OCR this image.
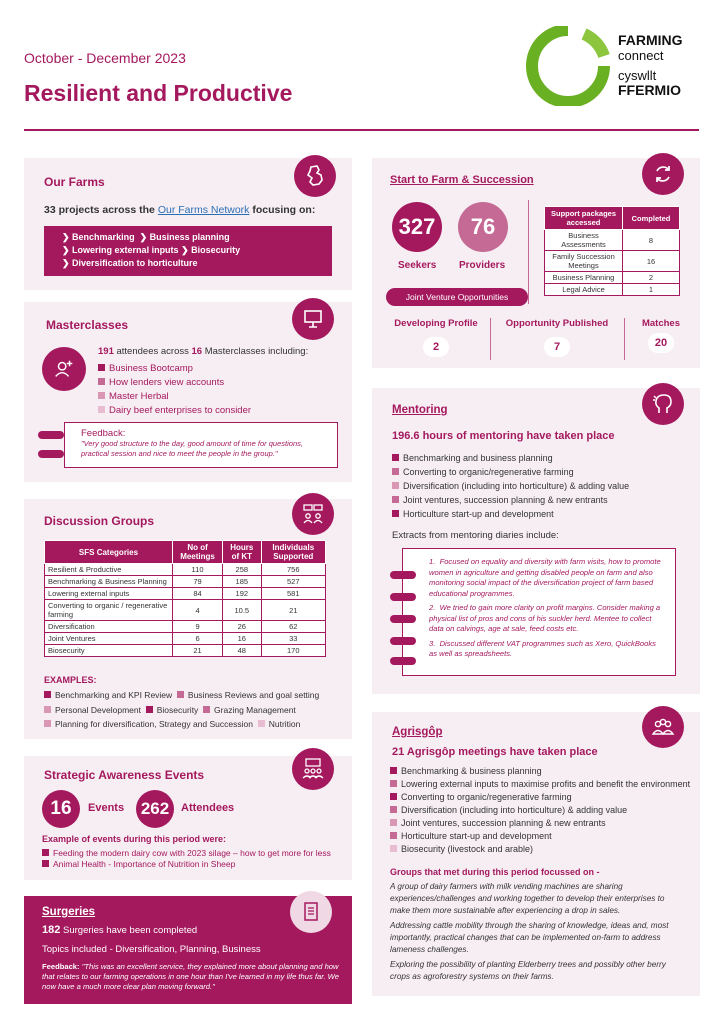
October - December 2023
Resilient and Productive
FARMING
connect
cyswllt
FFERMIO
Our Farms
33 projects across the Our Farms Network focusing on:
❯ Benchmarking  ❯ Business planning
❯ Lowering external inputs ❯ Biosecurity
❯ Diversification to horticulture
Masterclasses
191 attendees across 16 Masterclasses including:
Business Bootcamp
How lenders view accounts
Master Herbal
Dairy beef enterprises to consider
Feedback:
"Very good structure to the day, good amount of time for questions, practical session and nice to meet the people in the group."
Discussion Groups
SFS Categories	No of Meetings	Hours of KT	Individuals Supported
Resilient & Productive	110	258	756
Benchmarking & Business Planning	79	185	527
Lowering external inputs	84	192	581
Converting to organic / regenerative farming	4	10.5	21
Diversification	9	26	62
Joint Ventures	6	16	33
Biosecurity	21	48	170
EXAMPLES:
Benchmarking and KPI Review Business Reviews and goal setting
Personal Development Biosecurity Grazing Management
Planning for diversification, Strategy and Succession Nutrition
Strategic Awareness Events
16	Events 262	Attendees
Example of events during this period were:
Feeding the modern dairy cow with 2023 silage – how to get more for less  Animal Health - Importance of Nutrition in Sheep
Surgeries
182 Surgeries have been completed
Topics included - Diversification, Planning, Business
Feedback: "This was an excellent service, they explained more about planning and how that relates to our farming operations in one hour than I've learned in my life thus far. We now have a much more clear plan moving forward."
Start to Farm & Succession
327
Seekers
76
Providers
Joint Venture Opportunities
Support packages accessed	Completed
Business Assessments	8
Family Succession Meetings	16
Business Planning	2
Legal Advice	1
Developing Profile
2
Opportunity Published
7
Matches
20
Mentoring
196.6 hours of mentoring have taken place
Benchmarking and business planning
Converting to organic/regenerative farming
Diversification (including into horticulture) & adding value
Joint ventures, succession planning & new entrants
Horticulture start-up and development
Extracts from mentoring diaries include:
1.  Focused on equality and diversity with farm visits, how to promote women in agriculture and getting disabled people on farm and also monitoring social impact of the diversification project of farm based educational programmes.
2.  We tried to gain more clarity on profit margins. Consider making a physical list of pros and cons of his suckler herd. Mentee to collect data on calvings, age at sale, feed costs etc.
3.  Discussed different VAT programmes such as Xero, QuickBooks as well as spreadsheets.
Agrisgôp
21 Agrisgôp meetings have taken place
Benchmarking & business planning
Lowering external inputs to maximise profits and benefit the environment
Converting to organic/regenerative farming
Diversification (including into horticulture) & adding value
Joint ventures, succession planning & new entrants
Horticulture start-up and development
Biosecurity (livestock and arable)
Groups that met during this period focussed on -
A group of dairy farmers with milk vending machines are sharing experiences/challenges and working together to develop their enterprises to make them more sustainable after experiencing a drop in sales.
Addressing cattle mobility through the sharing of knowledge, ideas and, most importantly, practical changes that can be implemented on-farm to address lameness challenges.
Exploring the possibility of planting Elderberry trees and possibly other berry crops as agroforestry systems on their farms.
